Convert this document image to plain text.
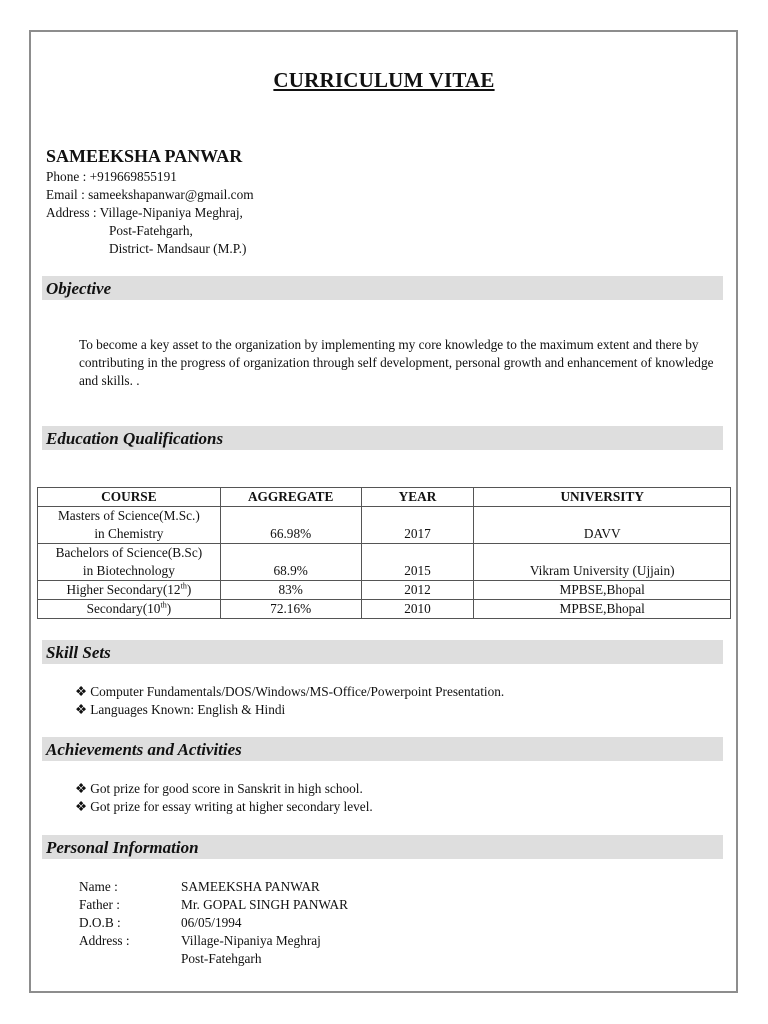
CURRICULUM VITAE
SAMEEKSHA PANWAR
Phone : +919669855191
Email : sameekshapanwar@gmail.com
Address : Village-Nipaniya Meghraj,
Post-Fatehgarh,
District- Mandsaur (M.P.)
Objective
To become a key asset to the organization by implementing my core knowledge to the maximum extent and there by contributing in the progress of organization through self development, personal growth and enhancement of knowledge and skills. .
Education Qualifications
COURSE	AGGREGATE	YEAR	UNIVERSITY

Masters of Science(M.Sc.)
in Chemistry	66.98%	2017	DAVV

Bachelors of Science(B.Sc)
in Biotechnology	68.9%	2015	Vikram University (Ujjain)
Higher Secondary(12th)	83%	2012	MPBSE,Bhopal
Secondary(10th)	72.16%	2010	MPBSE,Bhopal
Skill Sets
❖ Computer Fundamentals/DOS/Windows/MS-Office/Powerpoint Presentation.
❖ Languages Known: English & Hindi
Achievements and Activities
❖ Got prize for good score in Sanskrit in high school.
❖ Got prize for essay writing at higher secondary level.
Personal Information
Name :	SAMEEKSHA PANWAR
Father :	Mr. GOPAL SINGH PANWAR
D.O.B :	06/05/1994
Address :	Village-Nipaniya Meghraj
Post-Fatehgarh
